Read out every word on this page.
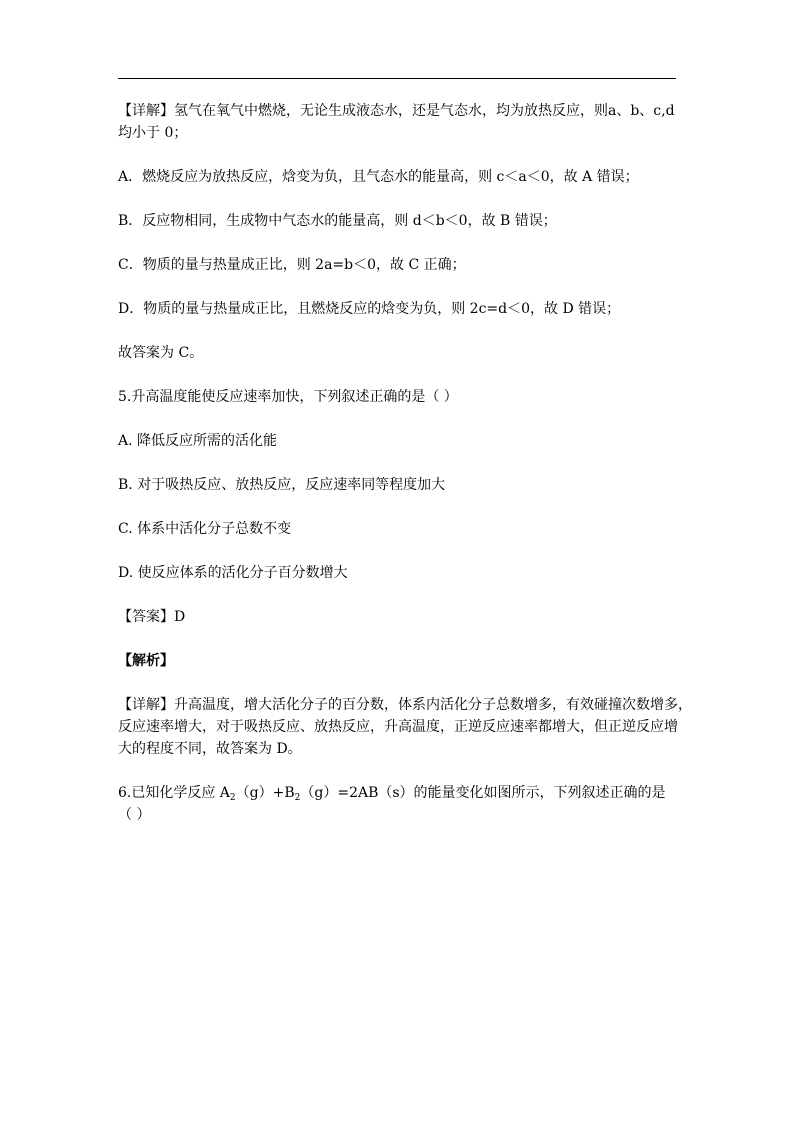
【详解】氢气在氧气中燃烧，无论生成液态水，还是气态水，均为放热反应，则a、b、c,d
均小于 0；
A．燃烧反应为放热反应，焓变为负，且气态水的能量高，则 c＜a＜0，故 A 错误；
B．反应物相同，生成物中气态水的能量高，则 d＜b＜0，故 B 错误；
C．物质的量与热量成正比，则 2a=b＜0，故 C 正确；
D．物质的量与热量成正比，且燃烧反应的焓变为负，则 2c=d＜0，故 D 错误；
故答案为 C。
5.升高温度能使反应速率加快，下列叙述正确的是（ ）
A. 降低反应所需的活化能
B. 对于吸热反应、放热反应，反应速率同等程度加大
C. 体系中活化分子总数不变
D. 使反应体系的活化分子百分数增大
【答案】D
【解析】
【详解】升高温度，增大活化分子的百分数，体系内活化分子总数增多，有效碰撞次数增多，
反应速率增大，对于吸热反应、放热反应，升高温度，正逆反应速率都增大，但正逆反应增
大的程度不同，故答案为 D。
6.已知化学反应 $A_2(g)+B_2(g)=2AB(s)$的能量变化如图所示，下列叙述正确的是
（ ）
